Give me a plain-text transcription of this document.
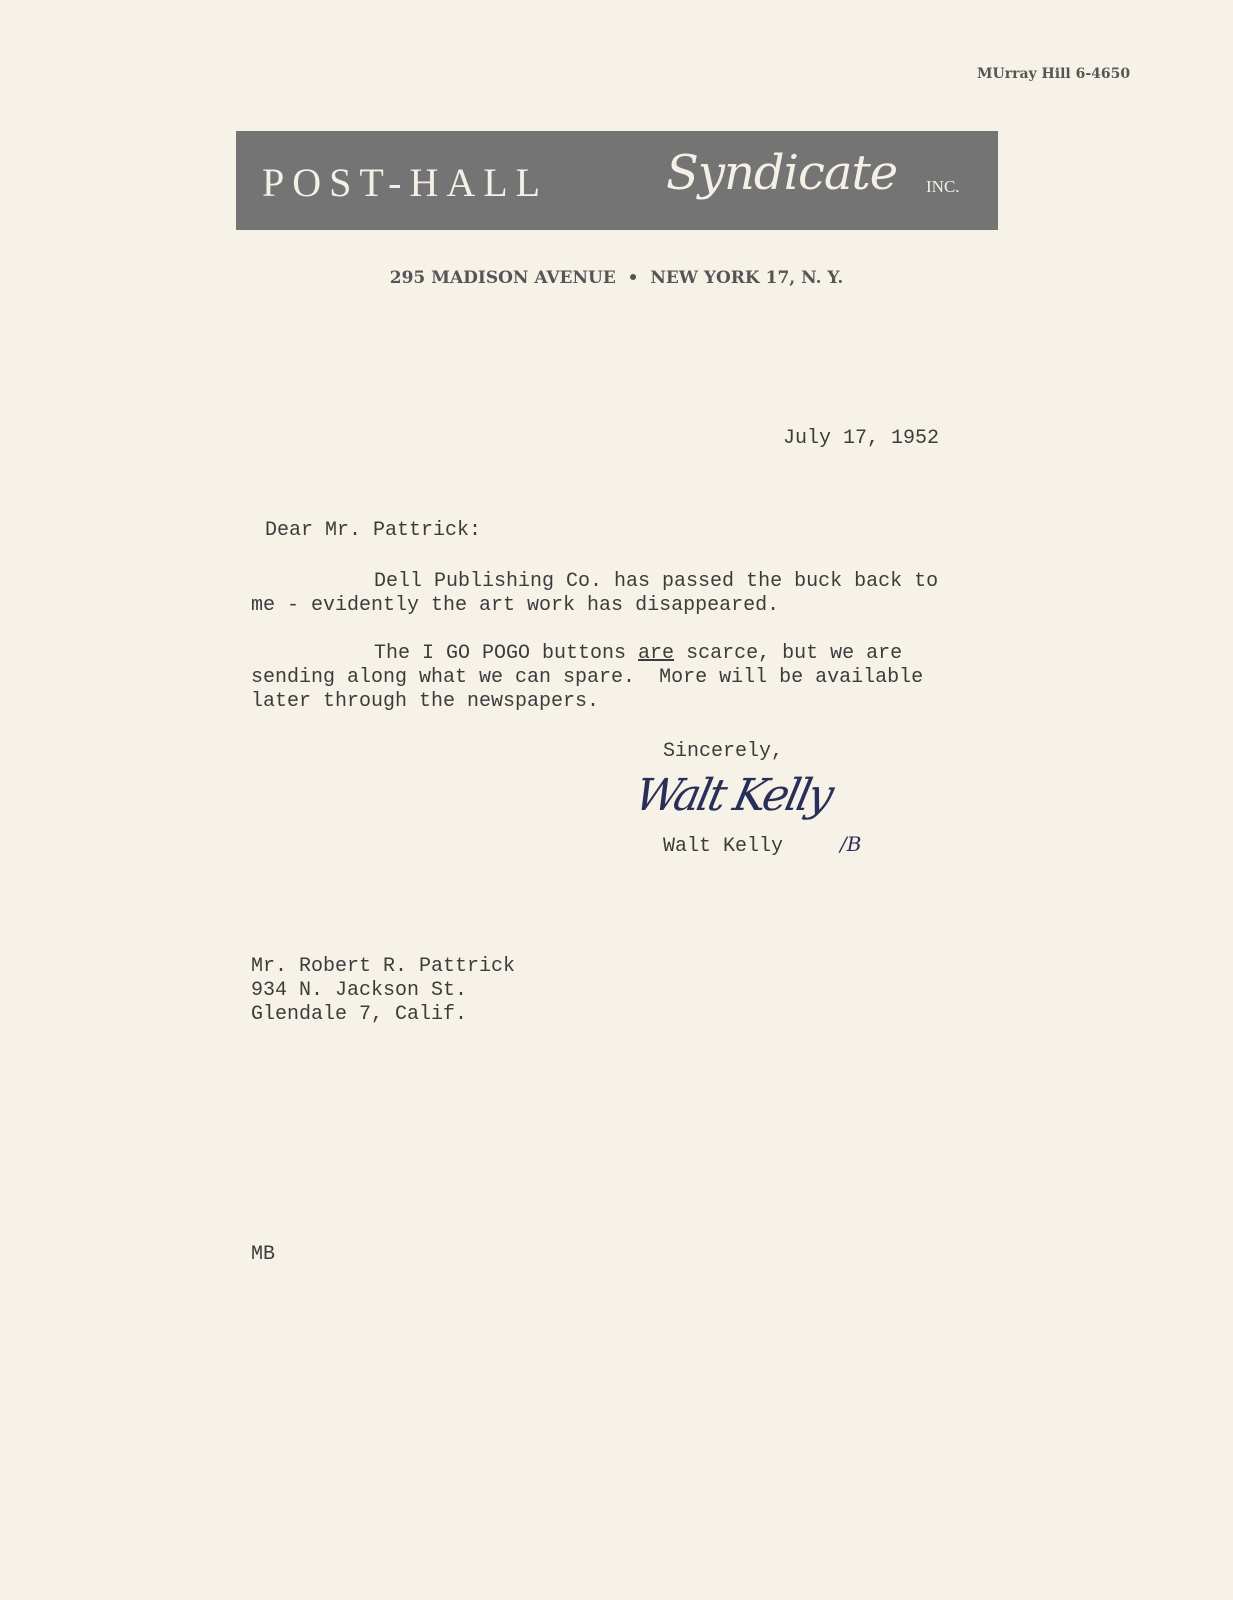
MUrray Hill 6-4650

POST-HALL

Syndicate

INC.

295 MADISON AVENUE  •  NEW YORK 17, N. Y.
July 17, 1952
Dear Mr. Pattrick:
Dell Publishing Co. has passed the buck back to
me - evidently the art work has disappeared.
The I GO POGO buttons are scarce, but we are
sending along what we can spare.  More will be available
later through the newspapers.
Sincerely,
Walt Kelly
Walt Kelly	/B
Mr. Robert R. Pattrick
934 N. Jackson St.
Glendale 7, Calif.
MB
